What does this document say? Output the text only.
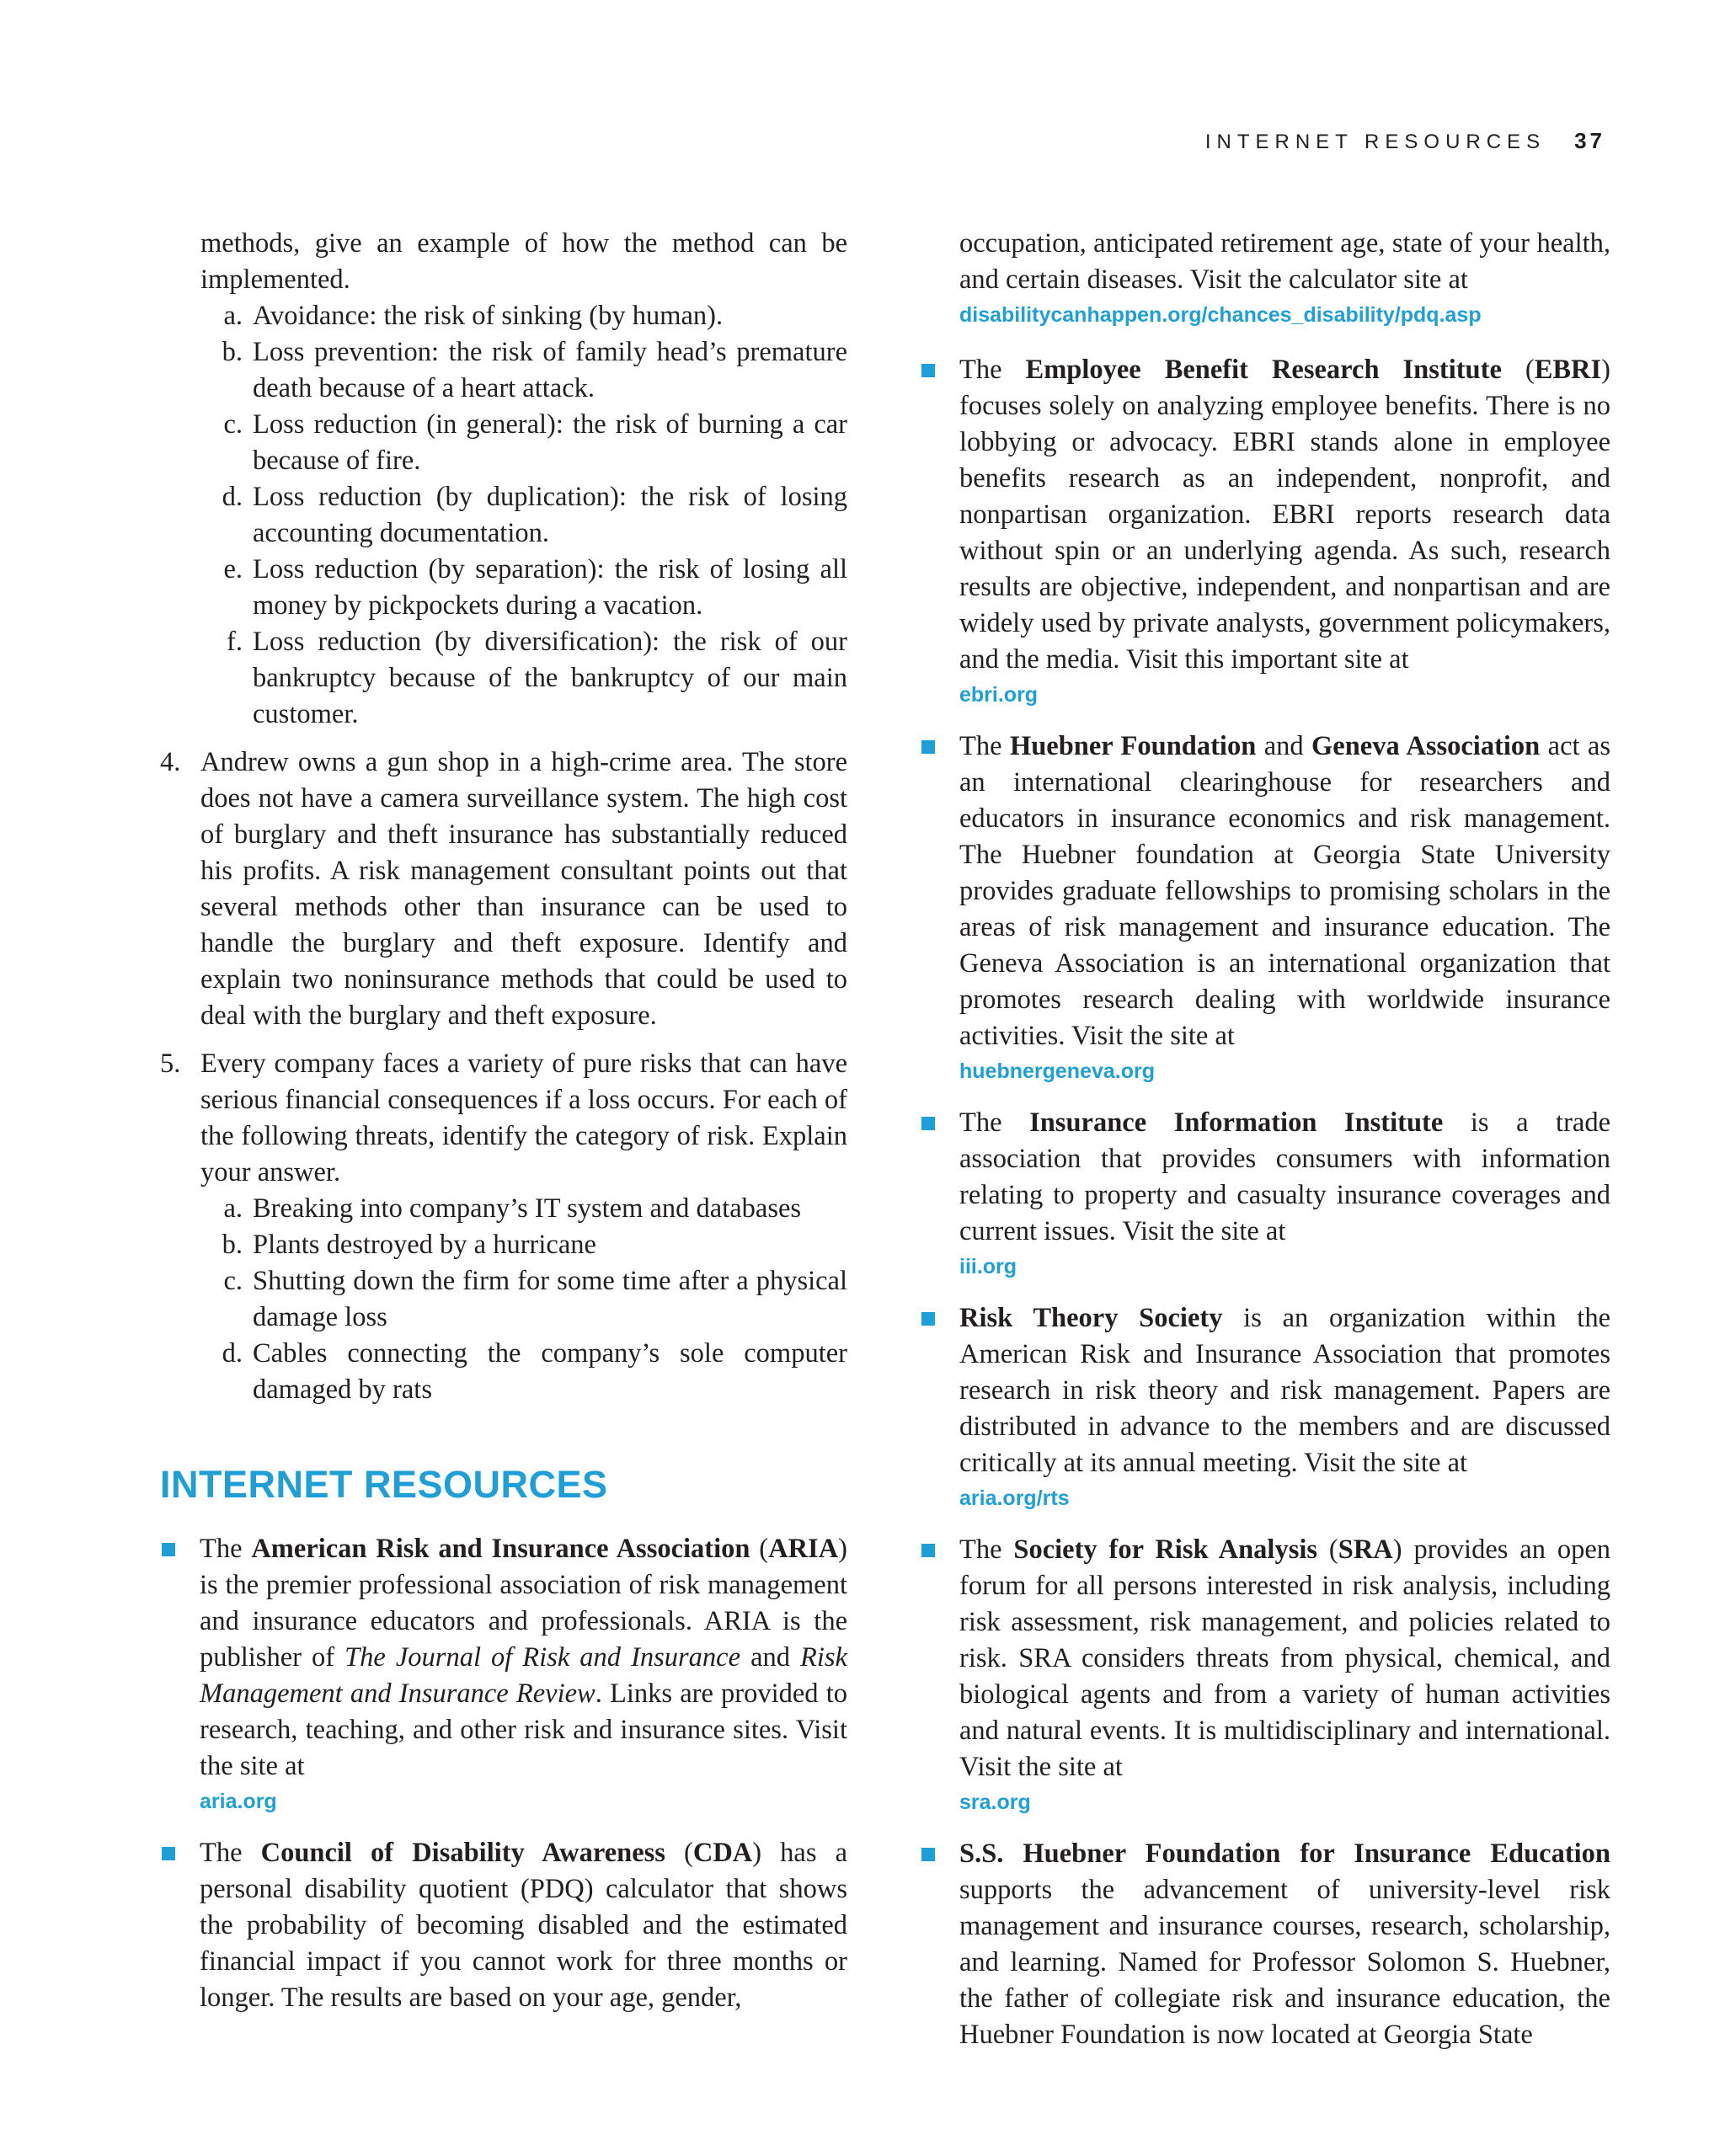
INTERNET RESOURCES 37

methods, give an example of how the method can be implemented.

a. Avoidance: the risk of sinking (by human).
b. Loss prevention: the risk of family head’s premature death because of a heart attack.
c. Loss reduction (in general): the risk of burning a car because of fire.
d. Loss reduction (by duplication): the risk of losing accounting documentation.
e. Loss reduction (by separation): the risk of losing all money by pickpockets during a vacation.
f. Loss reduction (by diversification): the risk of our bankruptcy because of the bankruptcy of our main customer.
4. Andrew owns a gun shop in a high-crime area. The store does not have a camera surveillance system. The high cost of burglary and theft insurance has substantially reduced his profits. A risk management consultant points out that several methods other than insurance can be used to handle the burglary and theft exposure. Identify and explain two noninsurance methods that could be used to deal with the burglary and theft exposure.

5. Every company faces a variety of pure risks that can have serious financial consequences if a loss occurs. For each of the following threats, identify the category of risk. Explain your answer.

a. Breaking into company’s IT system and databases
b. Plants destroyed by a hurricane
c. Shutting down the firm for some time after a physical damage loss
d. Cables connecting the company’s sole computer damaged by rats
INTERNET RESOURCES

The American Risk and Insurance Association (ARIA) is the premier professional association of risk management and insurance educators and professionals. ARIA is the publisher of The Journal of Risk and Insurance and Risk Management and Insurance Review. Links are provided to research, teaching, and other risk and insurance sites. Visit the site at

aria.org

The Council of Disability Awareness (CDA) has a personal disability quotient (PDQ) calculator that shows the probability of becoming disabled and the estimated financial impact if you cannot work for three months or longer. The results are based on your age, gender,

occupation, anticipated retirement age, state of your health, and certain diseases. Visit the calculator site at

disabilitycanhappen.org/chances_disability/pdq.asp

The Employee Benefit Research Institute (EBRI) focuses solely on analyzing employee benefits. There is no lobbying or advocacy. EBRI stands alone in employee benefits research as an independent, nonprofit, and nonpartisan organization. EBRI reports research data without spin or an underlying agenda. As such, research results are objective, independent, and nonpartisan and are widely used by private analysts, government policymakers, and the media. Visit this important site at

ebri.org

The Huebner Foundation and Geneva Association act as an international clearinghouse for researchers and educators in insurance economics and risk management. The Huebner foundation at Georgia State University provides graduate fellowships to promising scholars in the areas of risk management and insurance education. The Geneva Association is an international organization that promotes research dealing with worldwide insurance activities. Visit the site at

huebnergeneva.org

The Insurance Information Institute is a trade association that provides consumers with information relating to property and casualty insurance coverages and current issues. Visit the site at

iii.org

Risk Theory Society is an organization within the American Risk and Insurance Association that promotes research in risk theory and risk management. Papers are distributed in advance to the members and are discussed critically at its annual meeting. Visit the site at

aria.org/rts

The Society for Risk Analysis (SRA) provides an open forum for all persons interested in risk analysis, including risk assessment, risk management, and policies related to risk. SRA considers threats from physical, chemical, and biological agents and from a variety of human activities and natural events. It is multidisciplinary and international. Visit the site at

sra.org

S.S. Huebner Foundation for Insurance Education supports the advancement of university-level risk management and insurance courses, research, scholarship, and learning. Named for Professor Solomon S. Huebner, the father of collegiate risk and insurance education, the Huebner Foundation is now located at Georgia State
